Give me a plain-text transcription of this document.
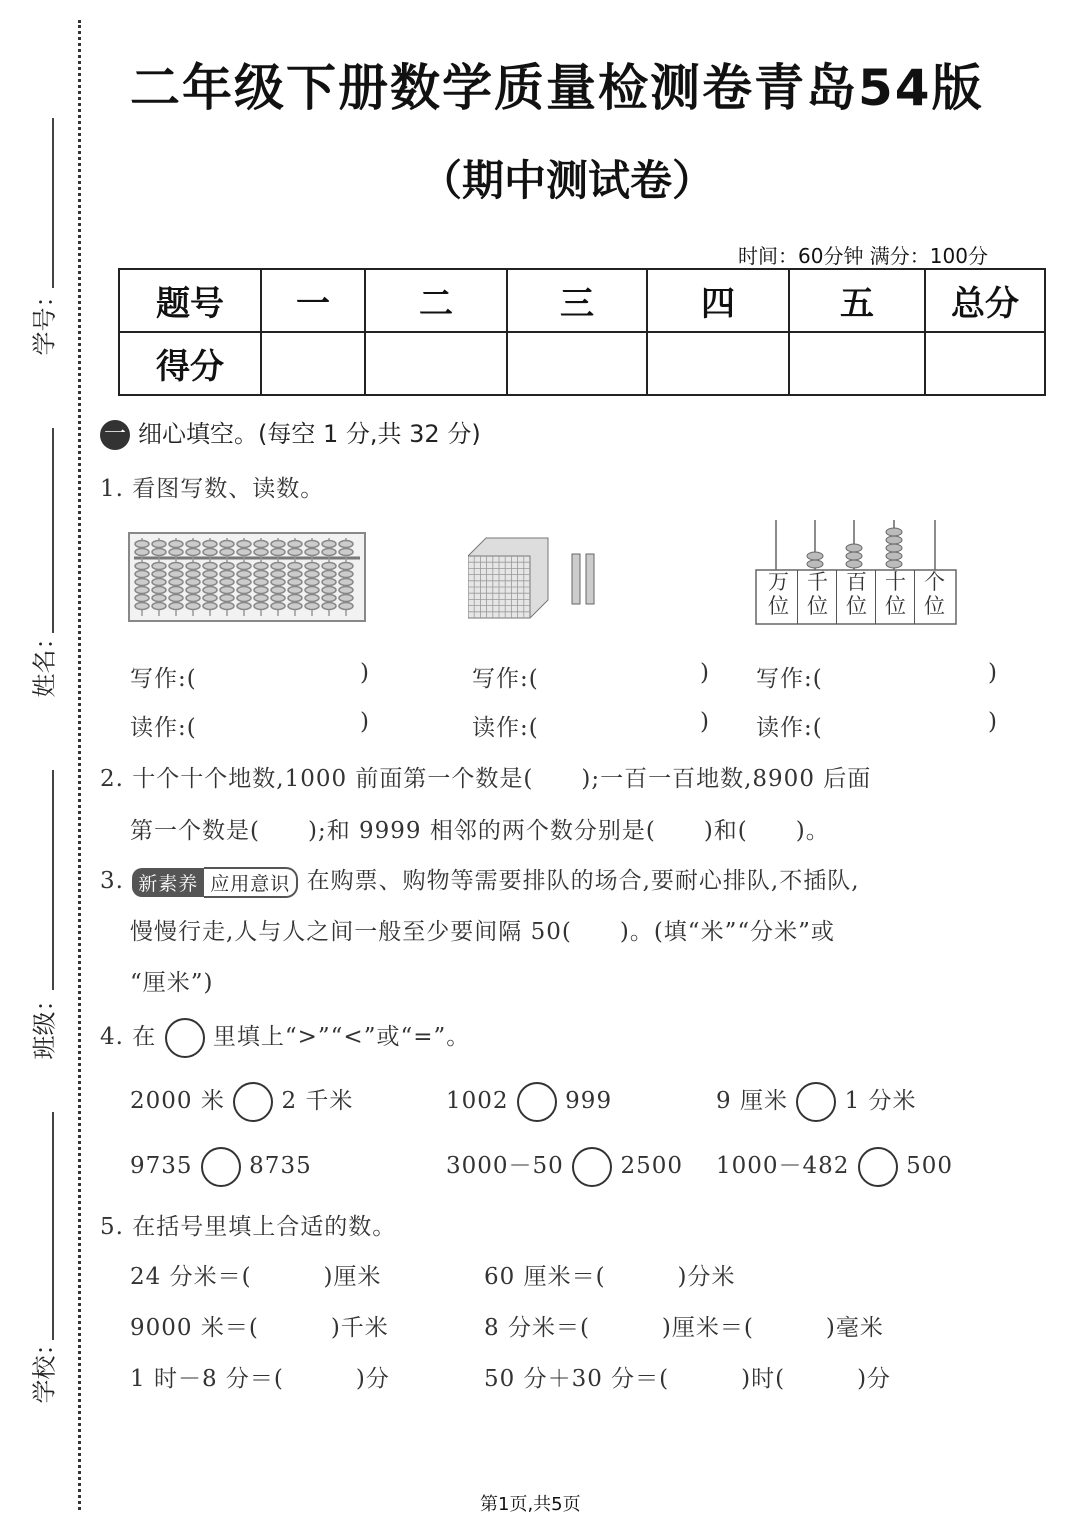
学号：
姓名：
班级：
学校：
二年级下册数学质量检测卷青岛54版
（期中测试卷）
时间：60分钟 满分：100分
题号	一	二	三	四	五	总分
得分						
一 细心填空。(每空 1 分,共 32 分)
1. 看图写数、读数。
万位
千位
百位
十位
个位
写作:(	)	写作:(	) 写作:(	)
读作:(	)	读作:(	) 读作:(	)
2. 十个十个地数,1000 前面第一个数是(　　);一百一百地数,8900 后面
第一个数是(　　);和 9999 相邻的两个数分别是(　　)和(　　)。
3. 新素养 应用意识 在购票、购物等需要排队的场合,要耐心排队,不插队,
慢慢行走,人与人之间一般至少要间隔 50(　　)。(填“米”“分米”或
“厘米”)
4. 在 里填上“>”“<”或“=”。
2000 米 2 千米	1002 999	9 厘米 1 分米
9735 8735	3000－50 2500 1000－482 500
5. 在括号里填上合适的数。
24 分米＝(　　　)厘米	60 厘米＝(　　　)分米
9000 米＝(　　　)千米	8 分米＝(　　　)厘米＝(　　　)毫米
1 时－8 分＝(　　　)分	50 分＋30 分＝(　　　)时(　　　)分
第1页,共5页
